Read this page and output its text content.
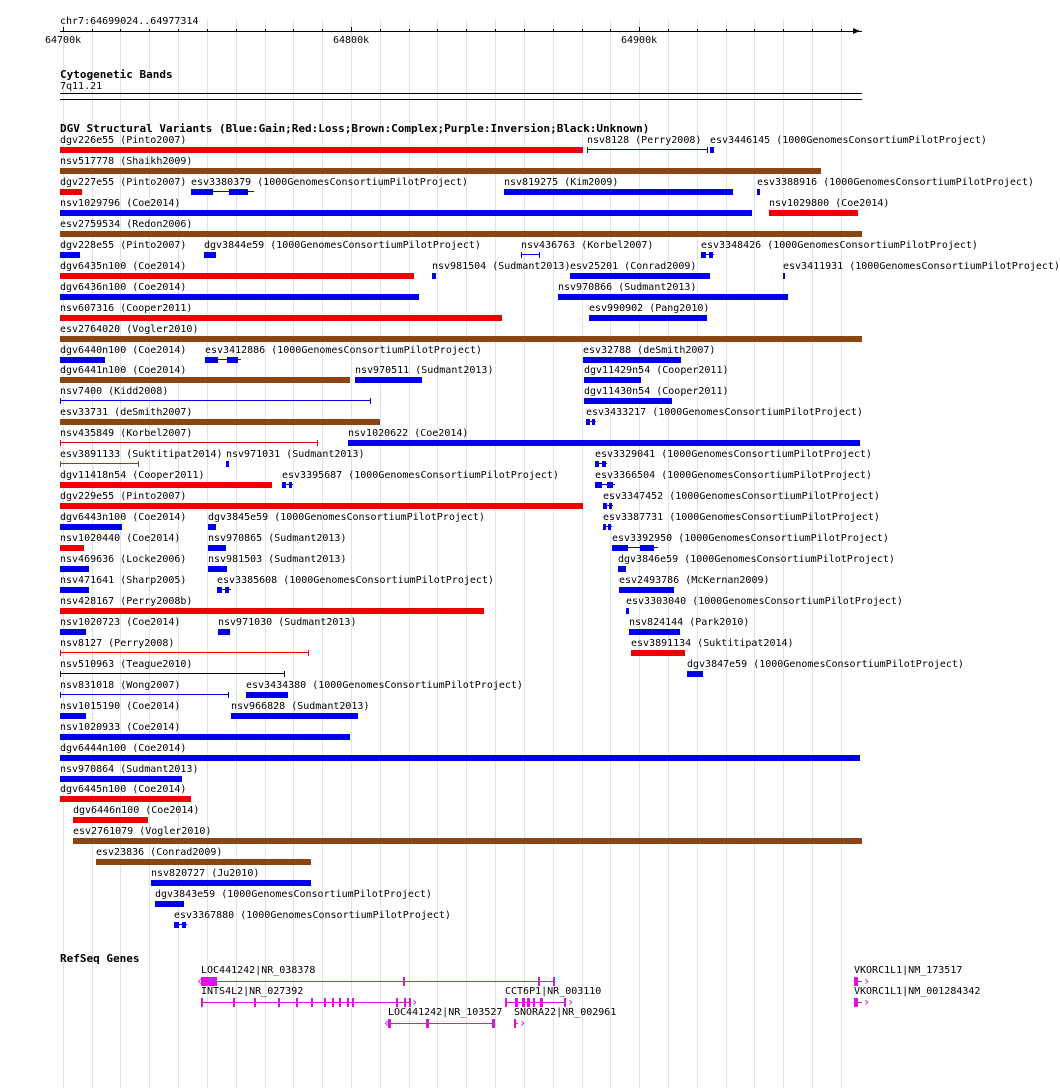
chr7:64699024..64977314
64700k	64800k	64900k
Cytogenetic Bands
7q11.21
DGV Structural Variants (Blue:Gain;Red:Loss;Brown:Complex;Purple:Inversion;Black:Unknown)
dgv226e55 (Pinto2007)	nsv8128 (Perry2008) esv3446145 (1000GenomesConsortiumPilotProject)
nsv517778 (Shaikh2009)
dgv227e55 (Pinto2007) esv3380379 (1000GenomesConsortiumPilotProject)	nsv819275 (Kim2009)	esv3388916 (1000GenomesConsortiumPilotProject)
nsv1029796 (Coe2014)	nsv1029800 (Coe2014)
esv2759534 (Redon2006)
dgv228e55 (Pinto2007) dgv3844e59 (1000GenomesConsortiumPilotProject)	nsv436763 (Korbel2007)	esv3348426 (1000GenomesConsortiumPilotProject)
dgv6435n100 (Coe2014)	nsv981504 (Sudmant2013) esv25201 (Conrad2009)	esv3411931 (1000GenomesConsortiumPilotProject)
dgv6436n100 (Coe2014)	nsv970866 (Sudmant2013)
nsv607316 (Cooper2011)	esv990902 (Pang2010)
esv2764020 (Vogler2010)
dgv6440n100 (Coe2014) esv3412886 (1000GenomesConsortiumPilotProject)	esv32788 (deSmith2007)
dgv6441n100 (Coe2014)	nsv970511 (Sudmant2013)	dgv11429n54 (Cooper2011)
nsv7400 (Kidd2008)	dgv11430n54 (Cooper2011)
esv33731 (deSmith2007)	esv3433217 (1000GenomesConsortiumPilotProject)
nsv435849 (Korbel2007)	nsv1020622 (Coe2014)
esv3891133 (Suktitipat2014) nsv971031 (Sudmant2013)	esv3329041 (1000GenomesConsortiumPilotProject)
dgv11418n54 (Cooper2011)	esv3395687 (1000GenomesConsortiumPilotProject)	esv3366504 (1000GenomesConsortiumPilotProject)
dgv229e55 (Pinto2007)	esv3347452 (1000GenomesConsortiumPilotProject)
dgv6443n100 (Coe2014) dgv3845e59 (1000GenomesConsortiumPilotProject)	esv3387731 (1000GenomesConsortiumPilotProject)
nsv1020440 (Coe2014)	nsv970865 (Sudmant2013)	esv3392950 (1000GenomesConsortiumPilotProject)
nsv469636 (Locke2006) nsv981503 (Sudmant2013)	dgv3846e59 (1000GenomesConsortiumPilotProject)
nsv471641 (Sharp2005)	esv3385608 (1000GenomesConsortiumPilotProject)	esv2493786 (McKernan2009)
nsv428167 (Perry2008b)	esv3303040 (1000GenomesConsortiumPilotProject)
nsv1020723 (Coe2014)	nsv971030 (Sudmant2013)	nsv824144 (Park2010)
nsv8127 (Perry2008)	esv3891134 (Suktitipat2014)
nsv510963 (Teague2010)	dgv3847e59 (1000GenomesConsortiumPilotProject)
nsv831018 (Wong2007)	esv3434380 (1000GenomesConsortiumPilotProject)
nsv1015190 (Coe2014)	nsv966828 (Sudmant2013)
nsv1020933 (Coe2014)
dgv6444n100 (Coe2014)
nsv970864 (Sudmant2013)
dgv6445n100 (Coe2014)
dgv6446n100 (Coe2014)
esv2761079 (Vogler2010)
esv23836 (Conrad2009)
nsv820727 (Ju2010)
dgv3843e59 (1000GenomesConsortiumPilotProject)
esv3367880 (1000GenomesConsortiumPilotProject)
RefSeq Genes
LOC441242|NR_038378
‹
VKORC1L1|NM_173517
›
INTS4L2|NR_027392
›
CCT6P1|NR_003110
›
VKORC1L1|NM_001284342
›
LOC441242|NR_103527
‹
SNORA22|NR_002961
›
